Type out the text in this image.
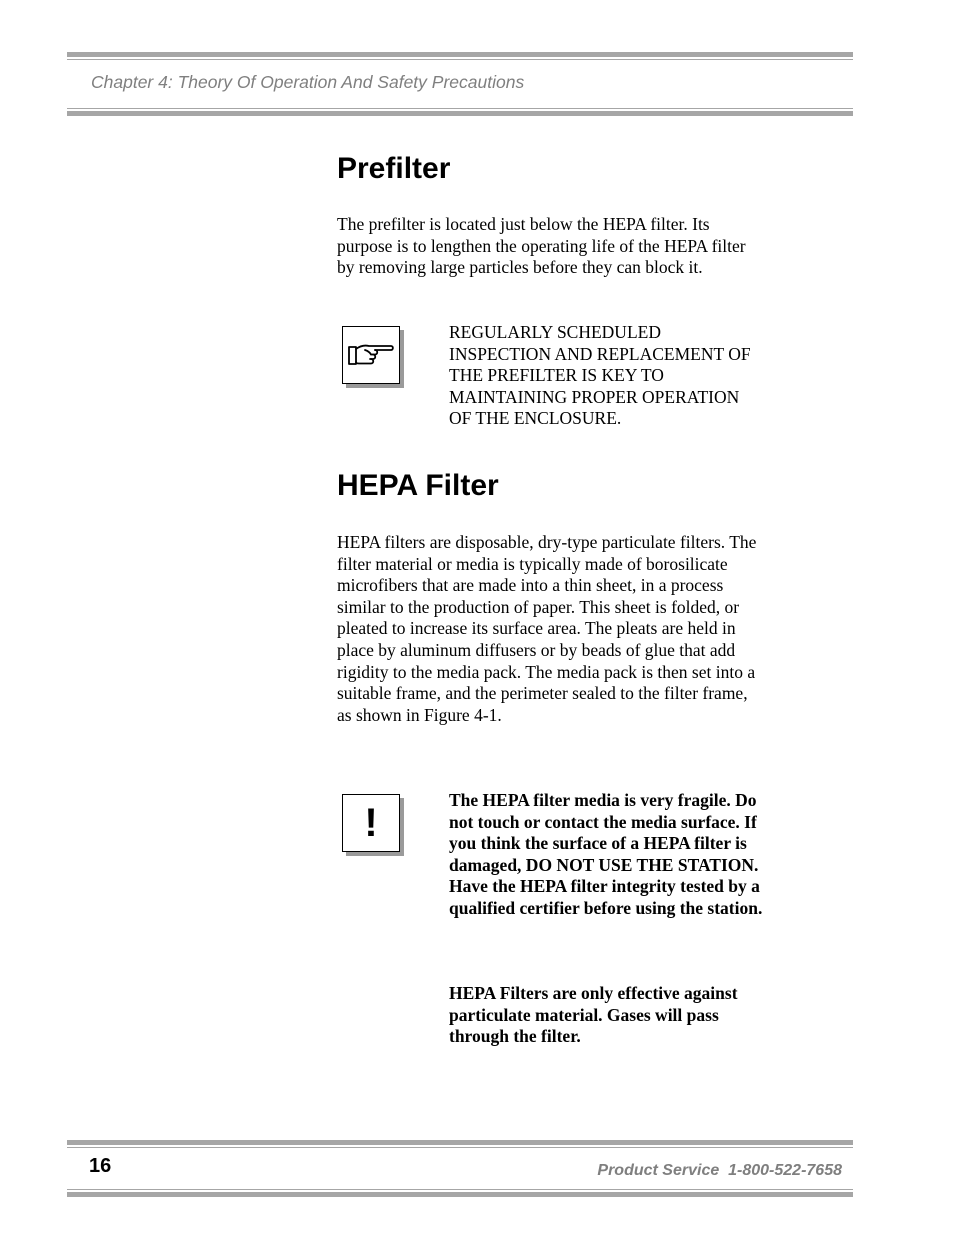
Chapter 4: Theory Of Operation And Safety Precautions
Prefilter

The prefilter is located just below the HEPA filter. Its purpose is to lengthen the operating life of the HEPA filter by removing large particles before they can block it.

REGULARLY SCHEDULED INSPECTION AND REPLACEMENT OF THE PREFILTER IS KEY TO MAINTAINING PROPER OPERATION OF THE ENCLOSURE.

HEPA Filter

HEPA filters are disposable, dry-type particulate filters. The filter material or media is typically made of borosilicate microfibers that are made into a thin sheet, in a process similar to the production of paper. This sheet is folded, or pleated to increase its surface area. The pleats are held in place by aluminum diffusers or by beads of glue that add rigidity to the media pack. The media pack is then set into a suitable frame, and the perimeter sealed to the filter frame, as shown in Figure 4-1.

!

The HEPA filter media is very fragile. Do not touch or contact the media surface. If you think the surface of a HEPA filter is damaged, DO NOT USE THE STATION. Have the HEPA filter integrity tested by a qualified certifier before using the station.

HEPA Filters are only effective against particulate material. Gases will pass through the filter.

16	Product Service  1-800-522-7658
